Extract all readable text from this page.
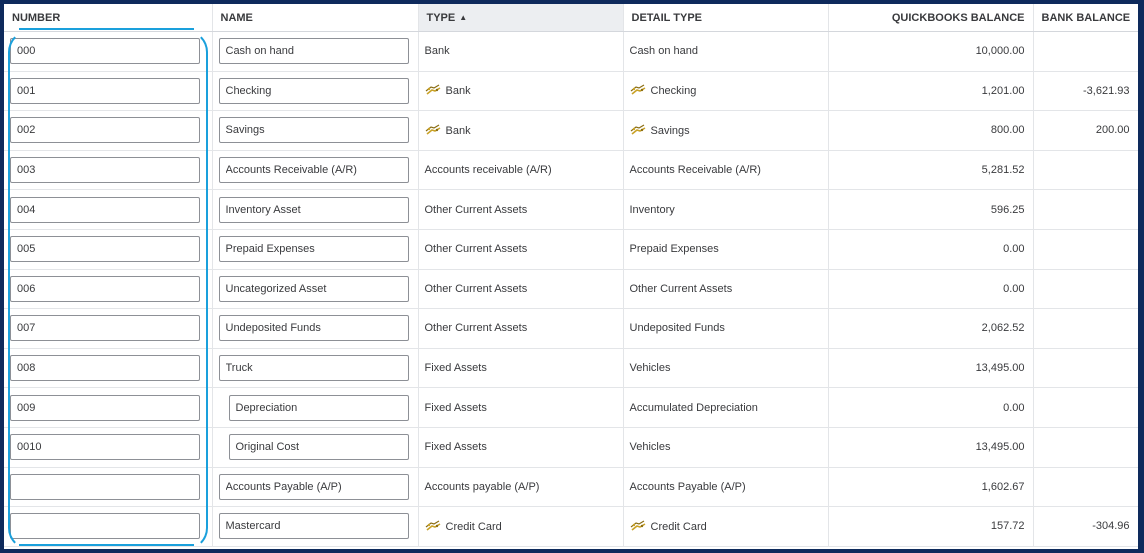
NUMBER	NAME	TYPE ▲	DETAIL TYPE	QUICKBOOKS BALANCE	BANK BALANCE
000	Cash on hand	Bank	Cash on hand	10,000.00	
001	Checking	Bank	Checking	1,201.00	-3,621.93
002	Savings	Bank	Savings	800.00	200.00
003	Accounts Receivable (A/R)	Accounts receivable (A/R)	Accounts Receivable (A/R)	5,281.52	
004	Inventory Asset	Other Current Assets	Inventory	596.25	
005	Prepaid Expenses	Other Current Assets	Prepaid Expenses	0.00	
006	Uncategorized Asset	Other Current Assets	Other Current Assets	0.00	
007	Undeposited Funds	Other Current Assets	Undeposited Funds	2,062.52	
008	Truck	Fixed Assets	Vehicles	13,495.00	
009	Depreciation	Fixed Assets	Accumulated Depreciation	0.00	
0010	Original Cost	Fixed Assets	Vehicles	13,495.00	
	Accounts Payable (A/P)	Accounts payable (A/P)	Accounts Payable (A/P)	1,602.67	
	Mastercard	Credit Card	Credit Card	157.72	-304.96
